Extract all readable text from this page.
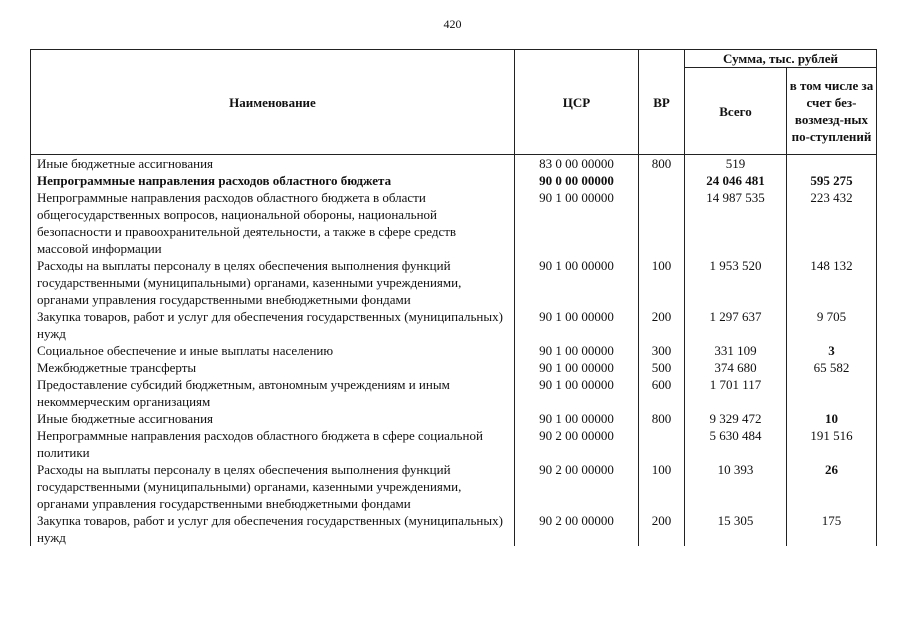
420
Наименование	ЦСР	ВР	Сумма, тыс. рублей	
			Всего	в том числе за счет без-возмезд-ных по-ступлений
Иные бюджетные ассигнования	83 0 00 00000	800	519	
Непрограммные направления расходов областного бюджета	90 0 00 00000		24 046 481	595 275
Непрограммные направления расходов областного бюджета в области общегосударственных вопросов, национальной обороны, национальной безопасности и правоохранительной деятельности, а также в сфере средств массовой информации	90 1 00 00000		14 987 535	223 432
Расходы на выплаты персоналу в целях обеспечения выполнения функций государственными (муниципальными) органами, казенными учреждениями, органами управления государственными внебюджетными фондами	90 1 00 00000	100	1 953 520	148 132
Закупка товаров, работ и услуг для обеспечения государственных (муниципальных) нужд	90 1 00 00000	200	1 297 637	9 705
Социальное обеспечение и иные выплаты населению	90 1 00 00000	300	331 109	3
Межбюджетные трансферты	90 1 00 00000	500	374 680	65 582
Предоставление субсидий бюджетным, автономным учреждениям и иным некоммерческим организациям	90 1 00 00000	600	1 701 117	
Иные бюджетные ассигнования	90 1 00 00000	800	9 329 472	10
Непрограммные направления расходов областного бюджета в сфере социальной политики	90 2 00 00000		5 630 484	191 516
Расходы на выплаты персоналу в целях обеспечения выполнения функций государственными (муниципальными) органами, казенными учреждениями, органами управления государственными внебюджетными фондами	90 2 00 00000	100	10 393	26
Закупка товаров, работ и услуг для обеспечения государственных (муниципальных) нужд	90 2 00 00000	200	15 305	175
